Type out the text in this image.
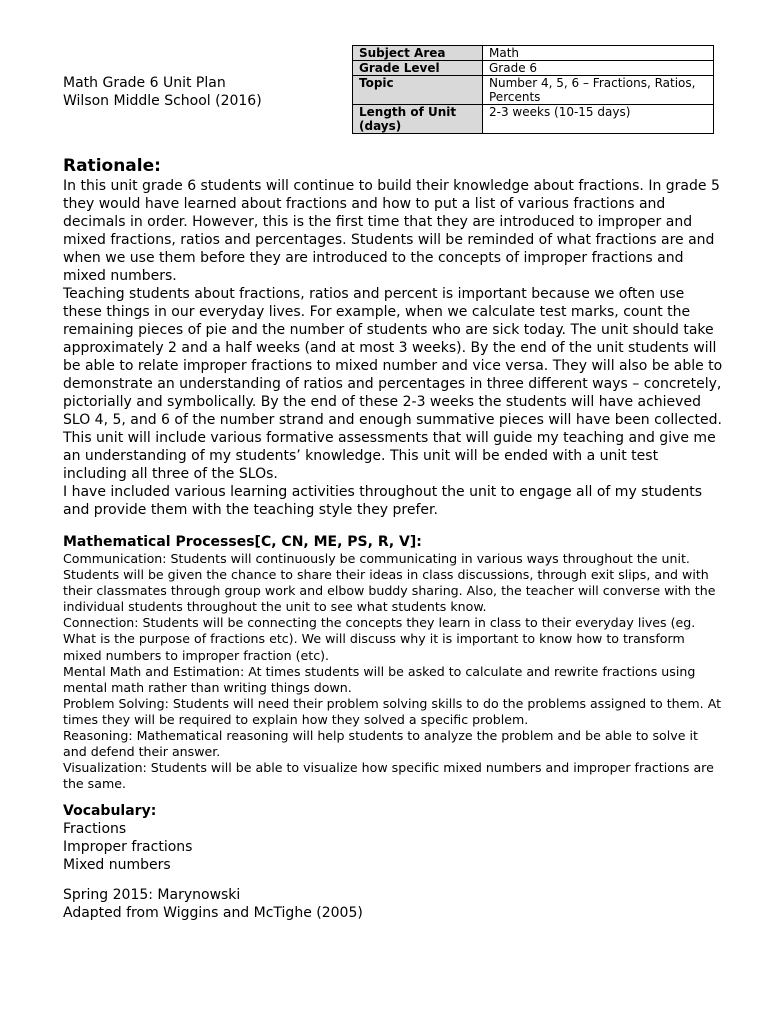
Math Grade 6 Unit Plan
Wilson Middle School (2016)
Subject Area	Math
Grade Level	Grade 6
Topic	Number 4, 5, 6 – Fractions, Ratios, Percents
Length of Unit (days)	2-3 weeks (10-15 days)
Rationale:

In this unit grade 6 students will continue to build their knowledge about fractions. In grade 5 they would have learned about fractions and how to put a list of various fractions and decimals in order. However, this is the first time that they are introduced to improper and mixed fractions, ratios and percentages. Students will be reminded of what fractions are and when we use them before they are introduced to the concepts of improper fractions and mixed numbers.

Teaching students about fractions, ratios and percent is important because we often use these things in our everyday lives. For example, when we calculate test marks, count the remaining pieces of pie and the number of students who are sick today. The unit should take approximately 2 and a half weeks (and at most 3 weeks). By the end of the unit students will be able to relate improper fractions to mixed number and vice versa. They will also be able to demonstrate an understanding of ratios and percentages in three different ways – concretely, pictorially and symbolically. By the end of these 2-3 weeks the students will have achieved SLO 4, 5, and 6 of the number strand and enough summative pieces will have been collected. This unit will include various formative assessments that will guide my teaching and give me an understanding of my students’ knowledge. This unit will be ended with a unit test including all three of the SLOs.

I have included various learning activities throughout the unit to engage all of my students and provide them with the teaching style they prefer.

Mathematical Processes[C, CN, ME, PS, R, V]:

Communication: Students will continuously be communicating in various ways throughout the unit. Students will be given the chance to share their ideas in class discussions, through exit slips, and with their classmates through group work and elbow buddy sharing. Also, the teacher will converse with the individual students throughout the unit to see what students know.

Connection: Students will be connecting the concepts they learn in class to their everyday lives (eg. What is the purpose of fractions etc). We will discuss why it is important to know how to transform mixed numbers to improper fraction (etc).

Mental Math and Estimation: At times students will be asked to calculate and rewrite fractions using mental math rather than writing things down.

Problem Solving: Students will need their problem solving skills to do the problems assigned to them. At times they will be required to explain how they solved a specific problem.

Reasoning: Mathematical reasoning will help students to analyze the problem and be able to solve it and defend their answer.

Visualization: Students will be able to visualize how specific mixed numbers and improper fractions are the same.

Vocabulary:
Fractions
Improper fractions
Mixed numbers
Spring 2015: Marynowski
Adapted from Wiggins and McTighe (2005)
